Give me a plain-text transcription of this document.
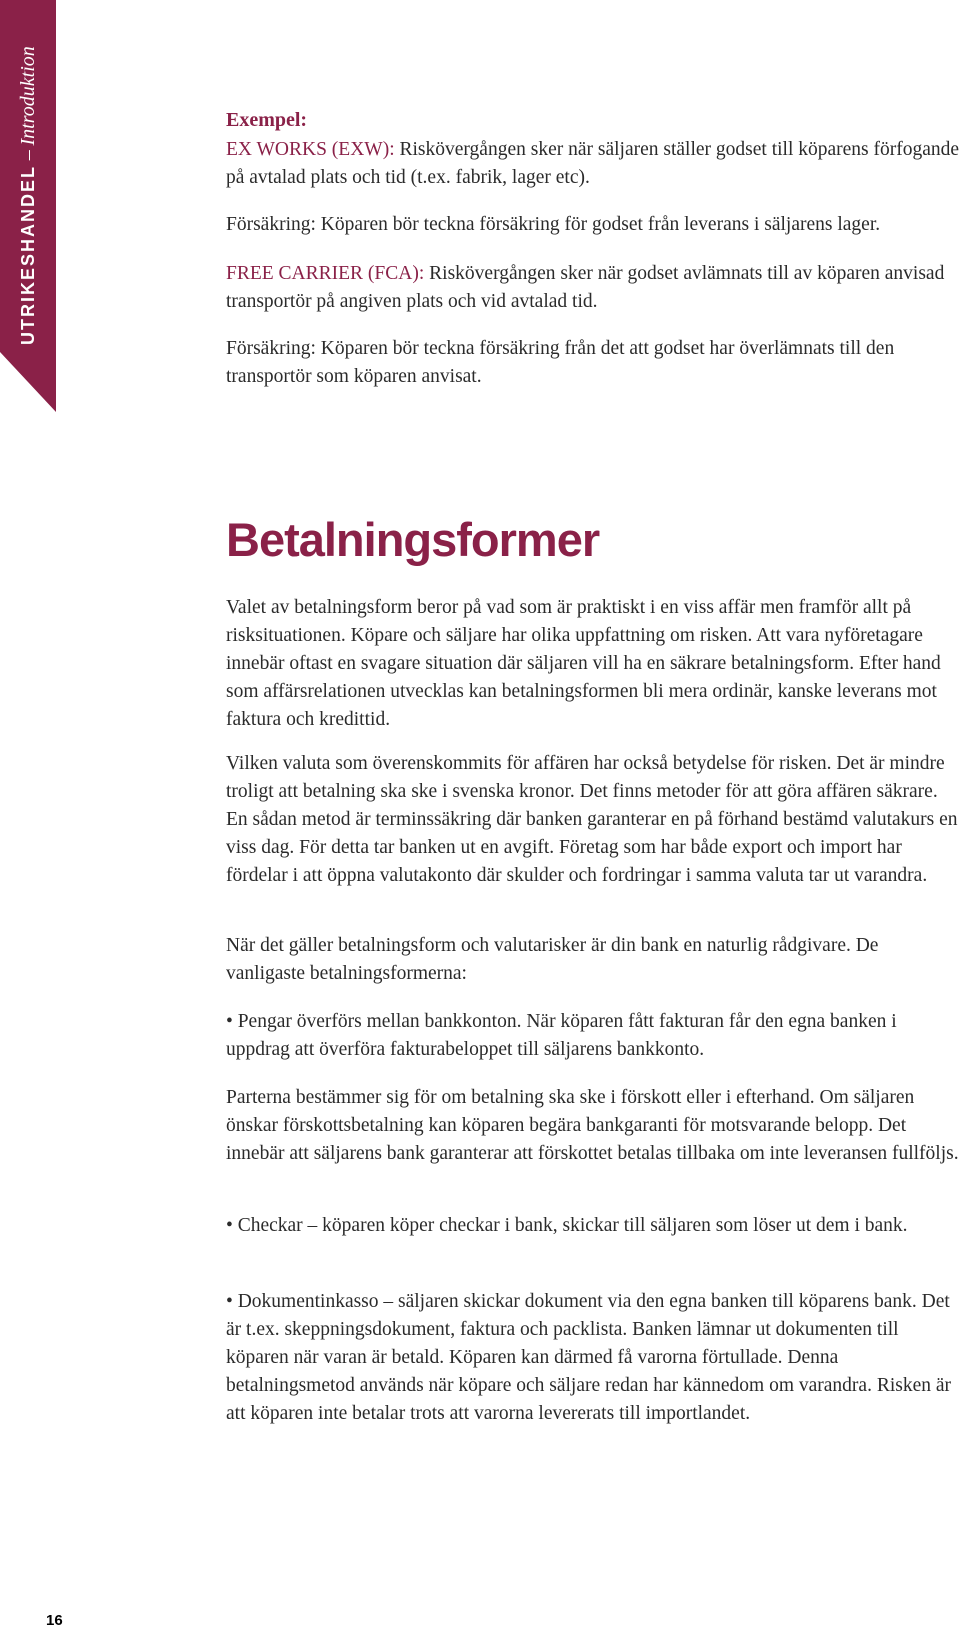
UTRIKESHANDEL – Introduktion	Exempel:

EX WORKS (EXW): Riskövergången sker när säljaren ställer godset till köparens förfogande på avtalad plats och tid (t.ex. fabrik, lager etc).

Försäkring: Köparen bör teckna försäkring för godset från leverans i säljarens lager.

FREE CARRIER (FCA): Riskövergången sker när godset avlämnats till av köparen anvisad transportör på angiven plats och vid avtalad tid.

Försäkring: Köparen bör teckna försäkring från det att godset har överlämnats till den transportör som köparen anvisat.

Betalningsformer

Valet av betalningsform beror på vad som är praktiskt i en viss affär men framför allt på risksituationen. Köpare och säljare har olika uppfattning om risken. Att vara nyföretagare innebär oftast en svagare situation där säljaren vill ha en säkrare betalningsform. Efter hand som affärsrelationen utvecklas kan betalningsformen bli mera ordinär, kanske leverans mot faktura och kredittid.

Vilken valuta som överenskommits för affären har också betydelse för risken. Det är mindre troligt att betalning ska ske i svenska kronor. Det finns metoder för att göra affären säkrare. En sådan metod är terminssäkring där banken garanterar en på förhand bestämd valutakurs en viss dag. För detta tar banken ut en avgift. Företag som har både export och import har fördelar i att öppna valutakonto där skulder och fordringar i samma valuta tar ut varandra.

När det gäller betalningsform och valutarisker är din bank en naturlig rådgivare. De vanligaste betalningsformerna:

• Pengar överförs mellan bankkonton. När köparen fått fakturan får den egna banken i uppdrag att överföra fakturabeloppet till säljarens bankkonto.

Parterna bestämmer sig för om betalning ska ske i förskott eller i efterhand. Om säljaren önskar förskottsbetalning kan köparen begära bankgaranti för motsvarande belopp. Det innebär att säljarens bank garanterar att förskottet betalas tillbaka om inte leveransen fullföljs.

• Checkar – köparen köper checkar i bank, skickar till säljaren som löser ut dem i bank.

• Dokumentinkasso – säljaren skickar dokument via den egna banken till köparens bank. Det är t.ex. skeppningsdokument, faktura och packlista. Banken lämnar ut dokumenten till köparen när varan är betald. Köparen kan därmed få varorna förtullade. Denna betalningsmetod används när köpare och säljare redan har kännedom om varandra. Risken är att köparen inte betalar trots att varorna levererats till importlandet.

16
